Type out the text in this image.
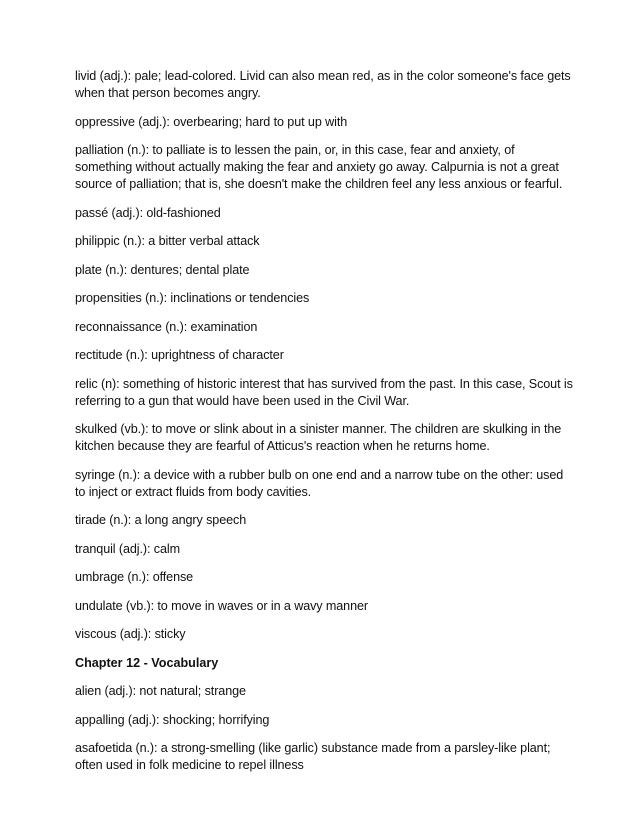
livid (adj.): pale; lead-colored. Livid can also mean red, as in the color someone's face gets when that person becomes angry.

oppressive (adj.): overbearing; hard to put up with

palliation (n.): to palliate is to lessen the pain, or, in this case, fear and anxiety, of something without actually making the fear and anxiety go away. Calpurnia is not a great source of palliation; that is, she doesn't make the children feel any less anxious or fearful.

passé (adj.): old-fashioned

philippic (n.): a bitter verbal attack

plate (n.): dentures; dental plate

propensities (n.): inclinations or tendencies

reconnaissance (n.): examination

rectitude (n.): uprightness of character

relic (n): something of historic interest that has survived from the past. In this case, Scout is referring to a gun that would have been used in the Civil War.

skulked (vb.): to move or slink about in a sinister manner. The children are skulking in the kitchen because they are fearful of Atticus's reaction when he returns home.

syringe (n.): a device with a rubber bulb on one end and a narrow tube on the other: used to inject or extract fluids from body cavities.

tirade (n.): a long angry speech

tranquil (adj.): calm

umbrage (n.): offense

undulate (vb.): to move in waves or in a wavy manner

viscous (adj.): sticky

Chapter 12 - Vocabulary

alien (adj.): not natural; strange

appalling (adj.): shocking; horrifying

asafoetida (n.): a strong-smelling (like garlic) substance made from a parsley-like plant; often used in folk medicine to repel illness
